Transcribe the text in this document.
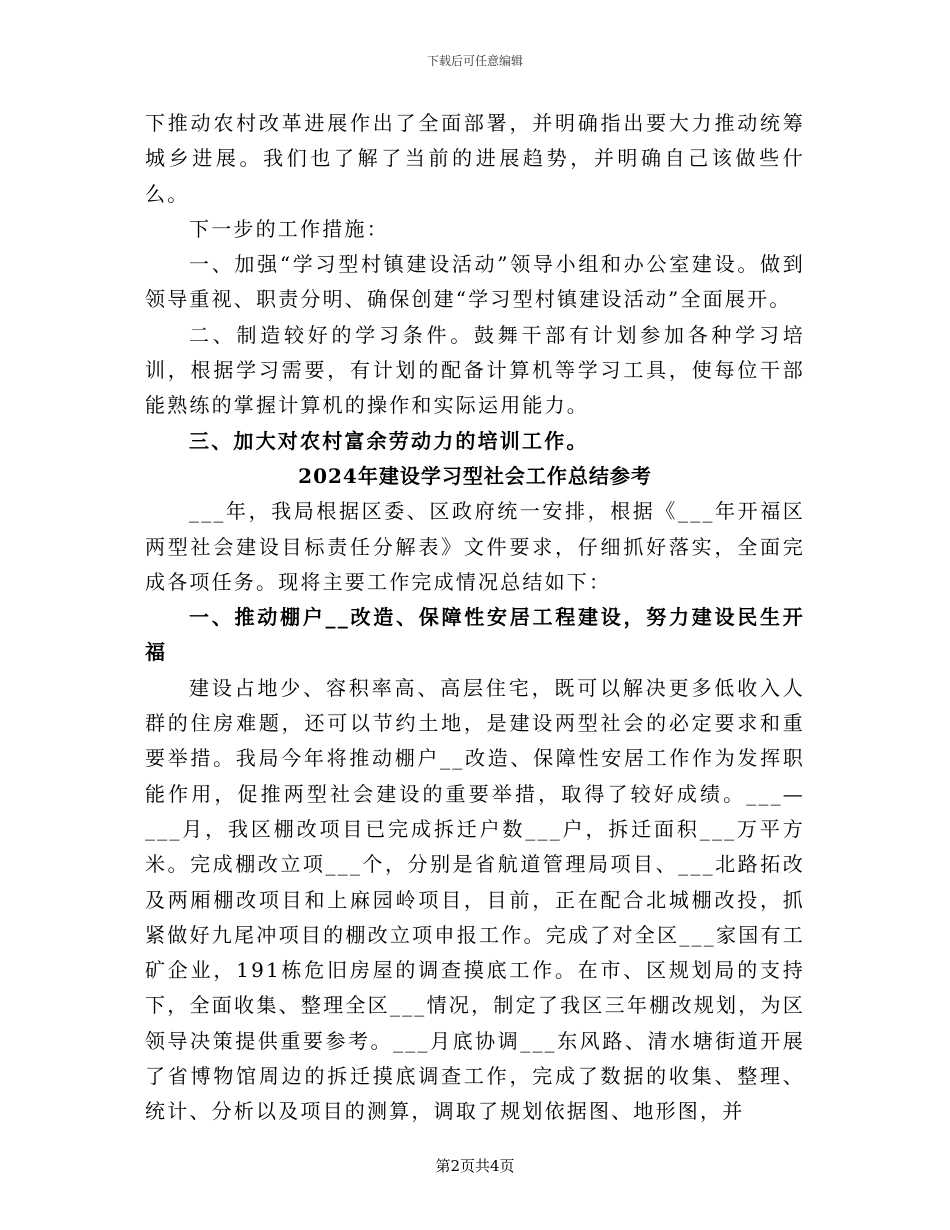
下载后可任意编辑

下推动农村改革进展作出了全面部署，并明确指出要大力推动统筹城乡进展。我们也了解了当前的进展趋势，并明确自己该做些什么。

下一步的工作措施：

一、加强“学习型村镇建设活动”领导小组和办公室建设。做到领导重视、职责分明、确保创建“学习型村镇建设活动”全面展开。

二、制造较好的学习条件。鼓舞干部有计划参加各种学习培训，根据学习需要，有计划的配备计算机等学习工具，使每位干部能熟练的掌握计算机的操作和实际运用能力。

三、加大对农村富余劳动力的培训工作。

2024年建设学习型社会工作总结参考

___年，我局根据区委、区政府统一安排，根据《___年开福区两型社会建设目标责任分解表》文件要求，仔细抓好落实，全面完成各项任务。现将主要工作完成情况总结如下：

一、推动棚户__改造、保障性安居工程建设，努力建设民生开福

建设占地少、容积率高、高层住宅，既可以解决更多低收入人群的住房难题，还可以节约土地，是建设两型社会的必定要求和重要举措。我局今年将推动棚户__改造、保障性安居工作作为发挥职能作用，促推两型社会建设的重要举措，取得了较好成绩。___—___月，我区棚改项目已完成拆迁户数___户，拆迁面积___万平方米。完成棚改立项___个，分别是省航道管理局项目、___北路拓改及两厢棚改项目和上麻园岭项目，目前，正在配合北城棚改投，抓紧做好九尾冲项目的棚改立项申报工作。完成了对全区___家国有工矿企业，191栋危旧房屋的调查摸底工作。在市、区规划局的支持下，全面收集、整理全区___情况，制定了我区三年棚改规划，为区领导决策提供重要参考。___月底协调___东风路、清水塘街道开展了省博物馆周边的拆迁摸底调查工作，完成了数据的收集、整理、统计、分析以及项目的测算，调取了规划依据图、地形图，并

第2页共4页
